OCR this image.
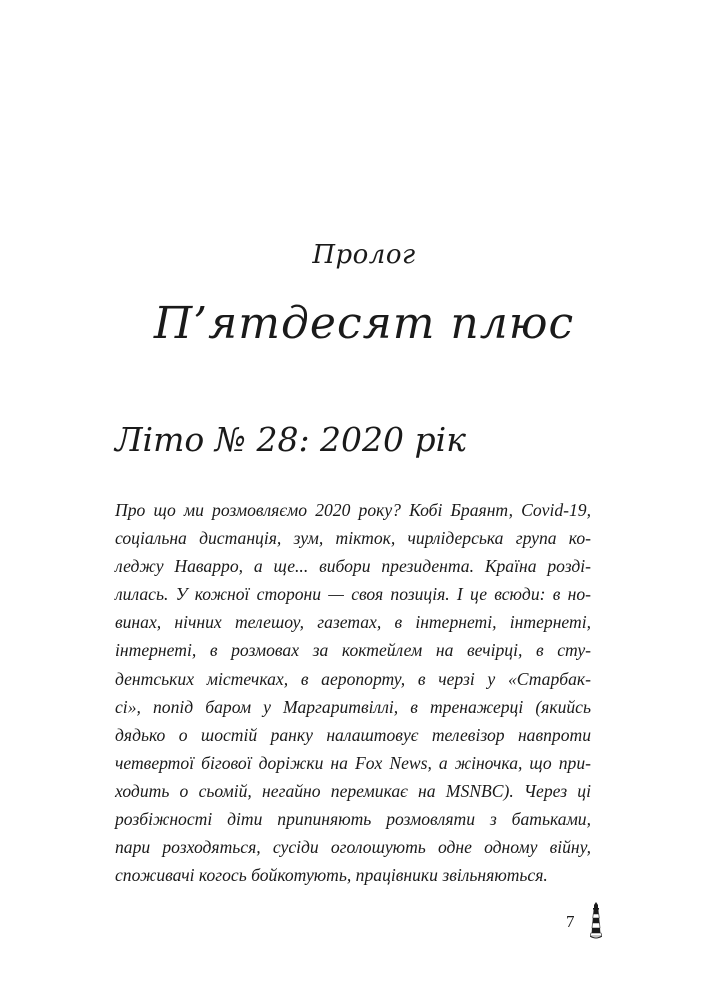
Пролог
П’ятдесят плюс
Літо № 28: 2020 рік
Про що ми розмовляємо 2020 року? Кобі Браянт, Covid-19,
соціальна дистанція, зум, тікток, чирлідерська група ко-
леджу Наварро, а ще... вибори президента. Країна розді-
лилась. У кожної сторони — своя позиція. І це всюди: в но-
винах, нічних телешоу, газетах, в інтернеті, інтернеті,
інтернеті, в розмовах за коктейлем на вечірці, в сту-
дентських містечках, в аеропорту, в черзі у «Старбак-
сі», попід баром у Маргаритвіллі, в тренажерці (якийсь
дядько о шостій ранку налаштовує телевізор навпроти
четвертої бігової доріжки на Fox News, а жіночка, що при-
ходить о сьомій, негайно перемикає на MSNBC). Через ці
розбіжності діти припиняють розмовляти з батьками,
пари розходяться, сусіди оголошують одне одному війну,
споживачі когось бойкотують, працівники звільняються.
7
